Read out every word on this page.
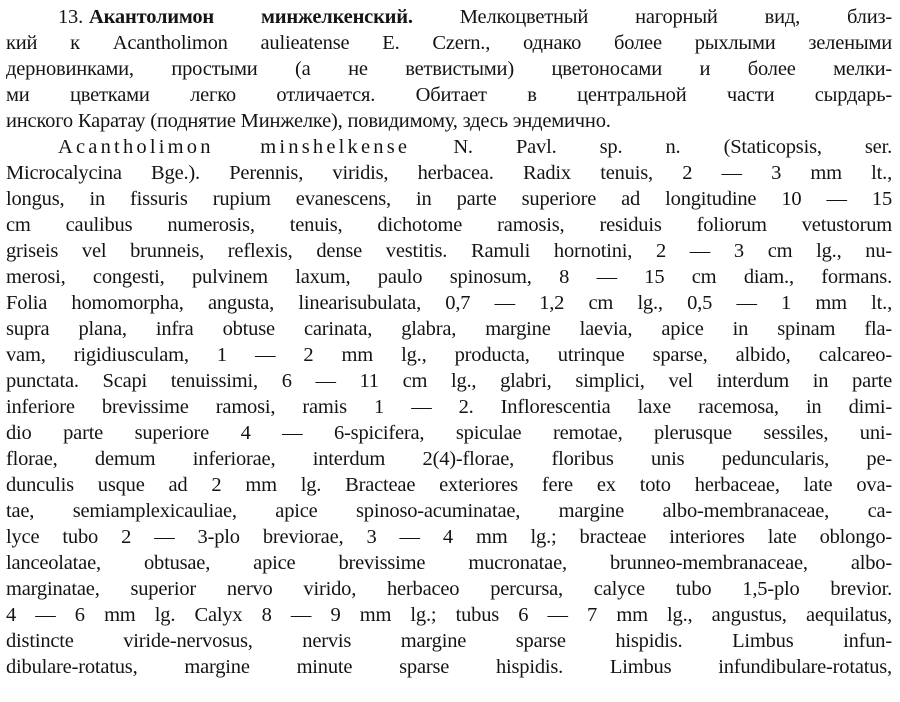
13. Акантолимон минжелкенский. Мелкоцветный нагорный вид, близ-
кий к Acantholimon aulieatense E. Czern., однако более рыхлыми зелеными
дерновинками, простыми (а не ветвистыми) цветоносами и более мелки-
ми цветками легко отличается. Обитает в центральной части сырдарь-
инского Каратау (поднятие Минжелке), повидимому, здесь эндемично.
Acantholimon minshelkense N. Pavl. sp. n. (Staticopsis, ser.
Microcalycina Bge.). Perennis, viridis, herbacea. Radix tenuis, 2 — 3 mm lt.,
longus, in fissuris rupium evanescens, in parte superiore ad longitudine 10 — 15
cm caulibus numerosis, tenuis, dichotome ramosis, residuis foliorum vetustorum
griseis vel brunneis, reflexis, dense vestitis. Ramuli hornotini, 2 — 3 cm lg., nu-
merosi, congesti, pulvinem laxum, paulo spinosum, 8 — 15 cm diam., formans.
Folia homomorpha, angusta, linearisubulata, 0,7 — 1,2 cm lg., 0,5 — 1 mm lt.,
supra plana, infra obtuse carinata, glabra, margine laevia, apice in spinam fla-
vam, rigidiusculam, 1 — 2 mm lg., producta, utrinque sparse, albido, calcareo-
punctata. Scapi tenuissimi, 6 — 11 cm lg., glabri, simplici, vel interdum in parte
inferiore brevissime ramosi, ramis 1 — 2. Inflorescentia laxe racemosa, in dimi-
dio parte superiore 4 — 6-spicifera, spiculae remotae, plerusque sessiles, uni-
florae, demum inferiorae, interdum 2(4)-florae, floribus unis peduncularis, pe-
dunculis usque ad 2 mm lg. Bracteae exteriores fere ex toto herbaceae, late ova-
tae, semiamplexicauliae, apice spinoso-acuminatae, margine albo-membranaceae, ca-
lyce tubo 2 — 3-plo breviorae, 3 — 4 mm lg.; bracteae interiores late oblongo-
lanceolatae, obtusae, apice brevissime mucronatae, brunneo-membranaceae, albo-
marginatae, superior nervo virido, herbaceo percursa, calyce tubo 1,5-plo brevior.
4 — 6 mm lg. Calyx 8 — 9 mm lg.; tubus 6 — 7 mm lg., angustus, aequilatus,
distincte viride-nervosus, nervis margine sparse hispidis. Limbus infun-
dibulare-rotatus, margine minute sparse hispidis. Limbus infundibulare-rotatus,
